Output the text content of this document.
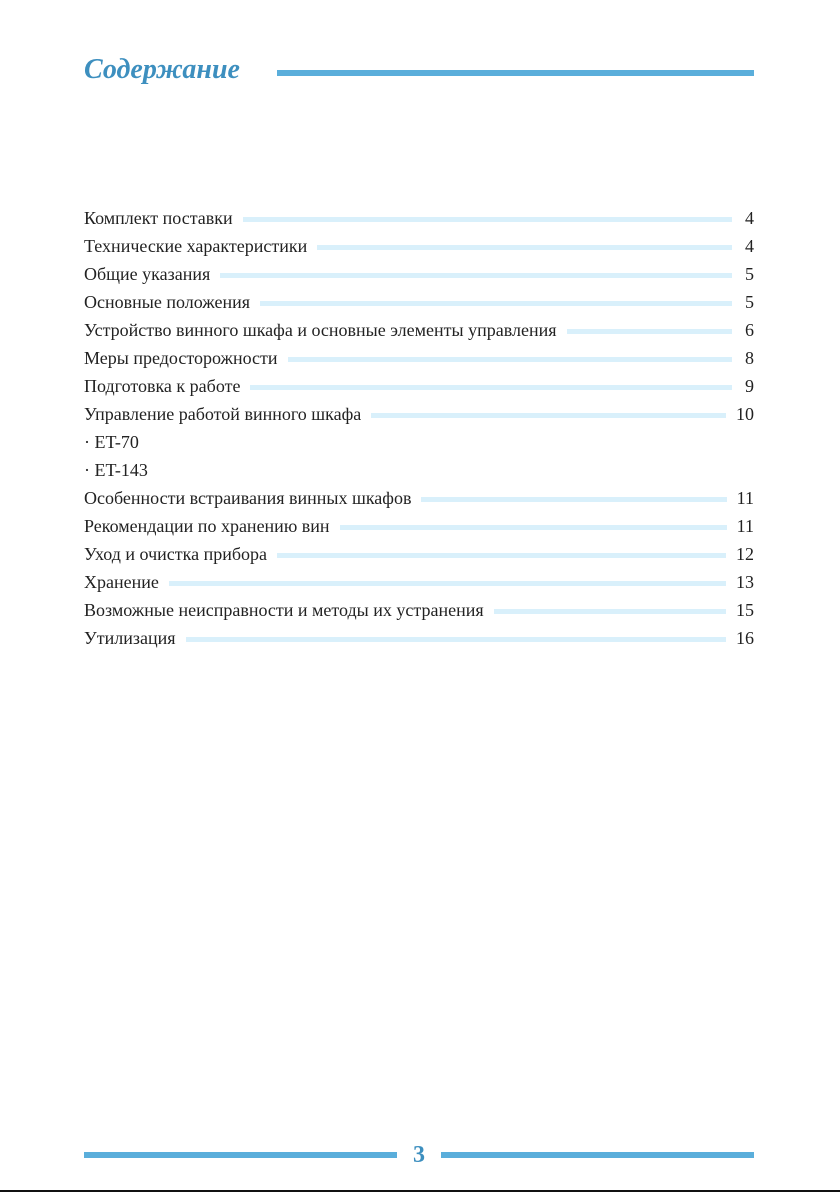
Содержание
Комплект поставки	4
Технические характеристики	4
Общие указания	5
Основные положения	5
Устройство винного шкафа и основные элементы управления	6
Меры предосторожности	8
Подготовка к работе	9
Управление работой винного шкафа	10
· ET-70
· ET-143
Особенности встраивания винных шкафов	11
Рекомендации по хранению вин	11
Уход и очистка прибора	12
Хранение	13
Возможные неисправности и методы их устранения	15
Утилизация	16
3
